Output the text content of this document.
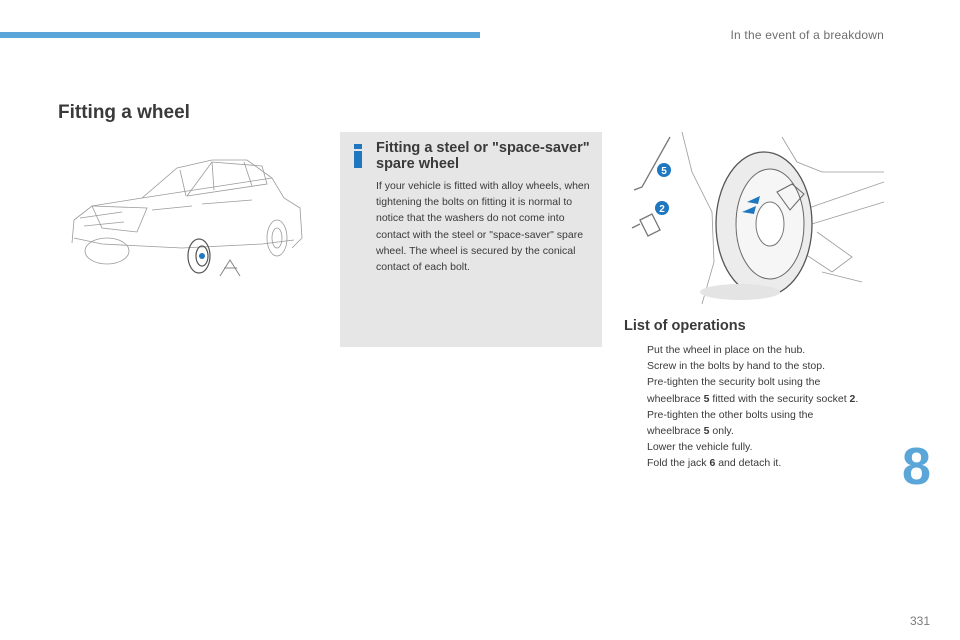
In the event of a breakdown
Fitting a wheel
Fitting a steel or "space-saver" spare wheel
If your vehicle is fitted with alloy wheels, when tightening the bolts on fitting it is normal to notice that the washers do not come into contact with the steel or "space-saver" spare wheel. The wheel is secured by the conical contact of each bolt.
5
2
List of operations
Put the wheel in place on the hub.
Screw in the bolts by hand to the stop.
Pre-tighten the security bolt using the wheelbrace 5 fitted with the security socket 2.
Pre-tighten the other bolts using the wheelbrace 5 only.
Lower the vehicle fully.
Fold the jack 6 and detach it.	8
331
